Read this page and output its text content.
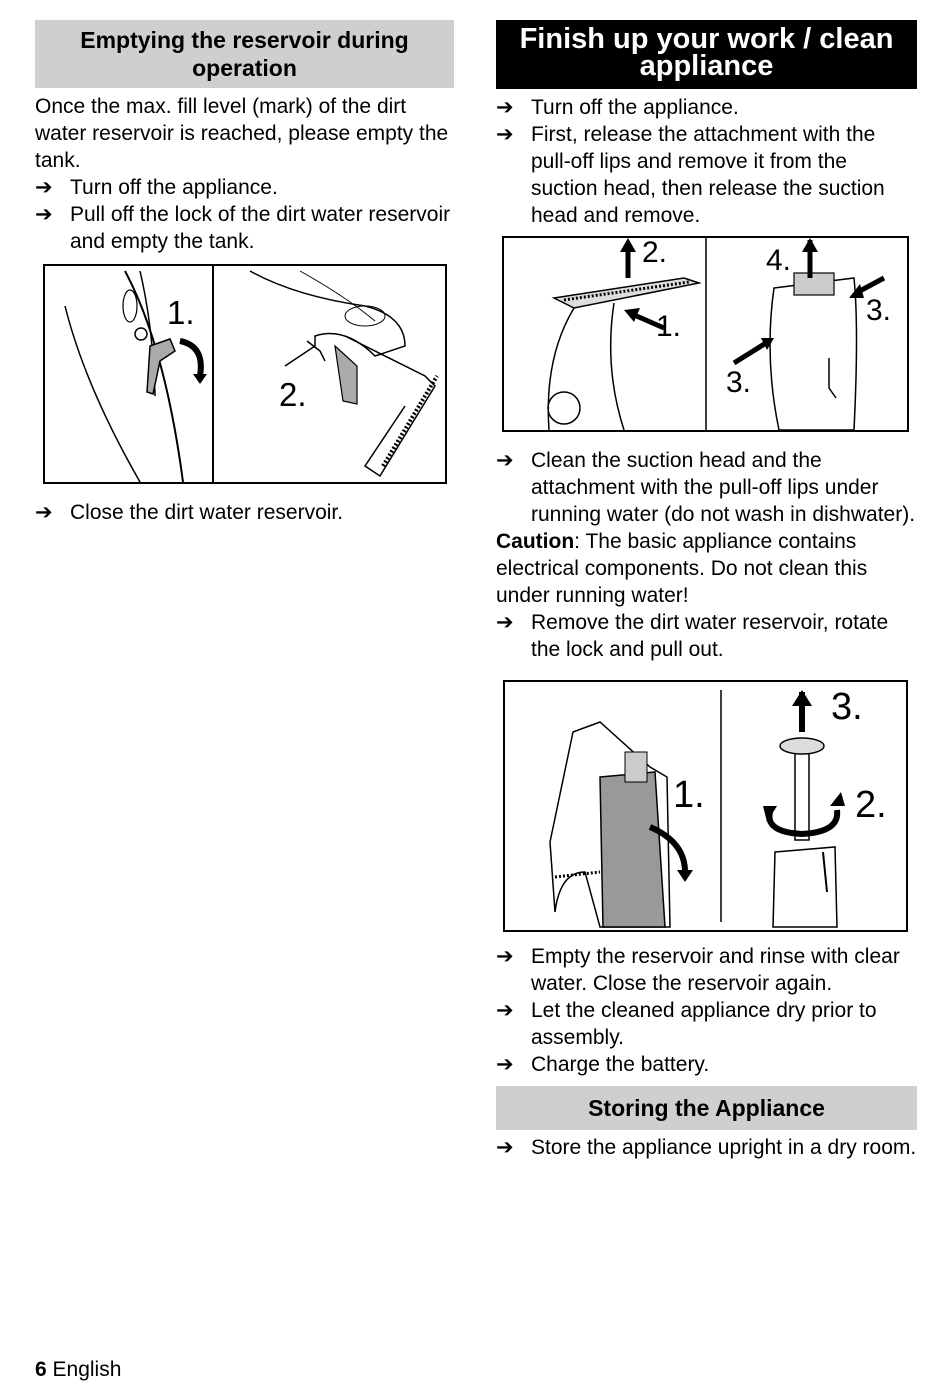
Emptying the reservoir during operation

Once the max. fill level (mark) of the dirt water reservoir is reached, please empty the tank.

➔ Turn off the appliance.
➔ Pull off the lock of the dirt water reservoir and empty the tank.
1.
2.
➔ Close the dirt water reservoir.
Finish up your work / clean appliance
➔ Turn off the appliance.
➔ First, release the attachment with the pull-off lips and remove it from the suction head, then release the suction head and remove.
2.
1.
4.
3.
3.
➔ Clean the suction head and the attachment with the pull-off lips under running water (do not wash in dishwater).

Caution: The basic appliance contains electrical components. Do not clean this under running water!

➔ Remove the dirt water reservoir, rotate the lock and pull out.
1.
3.
2.
➔ Empty the reservoir and rinse with clear water. Close the reservoir again.
➔ Let the cleaned appliance dry prior to assembly.
➔ Charge the battery.
Storing the Appliance
➔ Store the appliance upright in a dry room.
6 English
